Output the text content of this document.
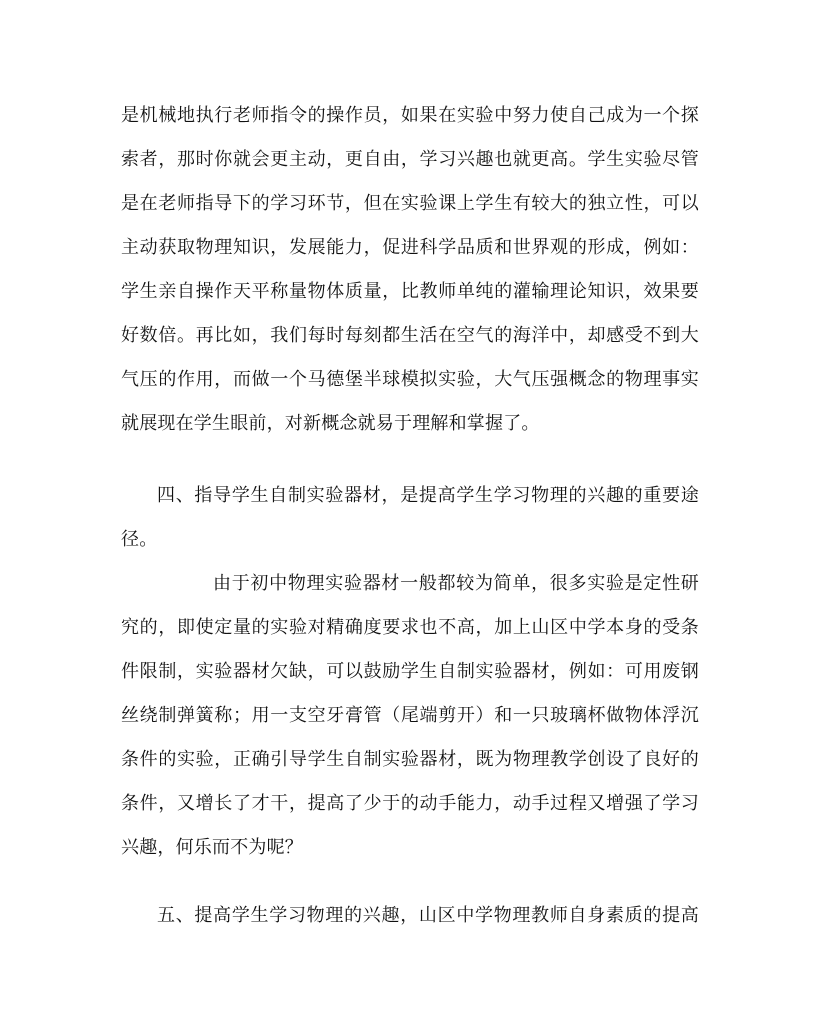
是机械地执行老师指令的操作员，如果在实验中努力使自己成为一个探
索者，那时你就会更主动，更自由，学习兴趣也就更高。学生实验尽管
是在老师指导下的学习环节，但在实验课上学生有较大的独立性，可以
主动获取物理知识，发展能力，促进科学品质和世界观的形成，例如：
学生亲自操作天平称量物体质量，比教师单纯的灌输理论知识，效果要
好数倍。再比如，我们每时每刻都生活在空气的海洋中，却感受不到大
气压的作用，而做一个马德堡半球模拟实验，大气压强概念的物理事实
就展现在学生眼前，对新概念就易于理解和掌握了。
四、指导学生自制实验器材，是提高学生学习物理的兴趣的重要途
径。
由于初中物理实验器材一般都较为简单，很多实验是定性研
究的，即使定量的实验对精确度要求也不高，加上山区中学本身的受条
件限制，实验器材欠缺，可以鼓励学生自制实验器材，例如：可用废钢
丝绕制弹簧称；用一支空牙膏管（尾端剪开）和一只玻璃杯做物体浮沉
条件的实验，正确引导学生自制实验器材，既为物理教学创设了良好的
条件，又增长了才干，提高了少于的动手能力，动手过程又增强了学习
兴趣，何乐而不为呢？
五、提高学生学习物理的兴趣，山区中学物理教师自身素质的提高
